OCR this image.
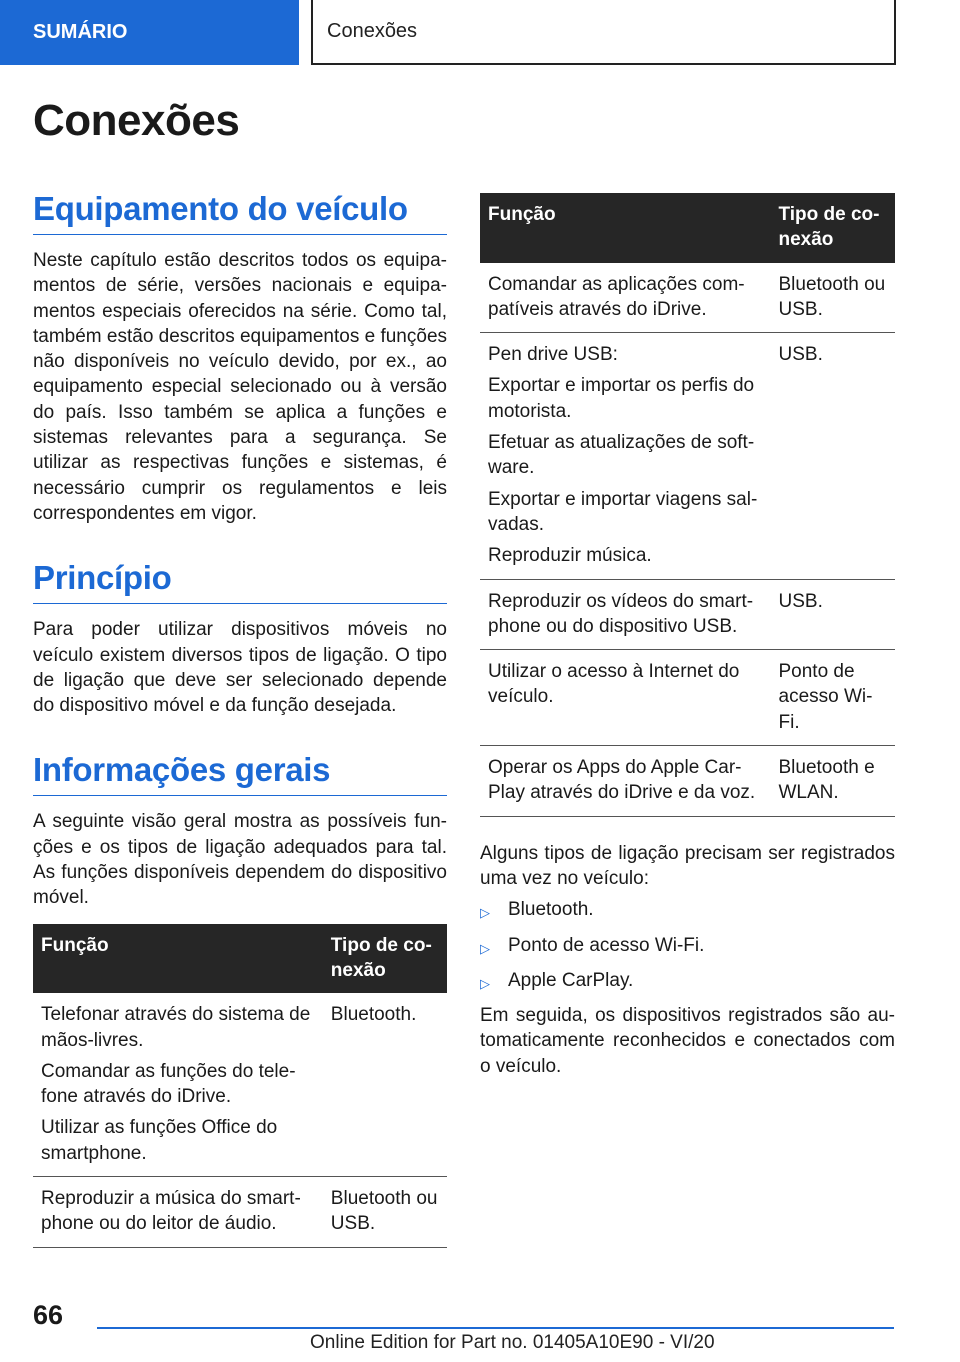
SUMÁRIO	Conexões
Conexões
Equipamento do veículo

Neste capítulo estão descritos todos os equipamentos de série, versões nacionais e equipamentos especiais oferecidos na série. Como tal, também estão descritos equipamentos e funções não disponíveis no veículo devido, por ex., ao equipamento especial selecionado ou à versão do país. Isso também se aplica a funções e sistemas relevantes para a segurança. Se utilizar as respectivas funções e sistemas, é necessário cumprir os regulamentos e leis correspondentes em vigor.

Princípio

Para poder utilizar dispositivos móveis no veículo existem diversos tipos de ligação. O tipo de ligação que deve ser selecionado depende do dispositivo móvel e da função desejada.

Informações gerais

A seguinte visão geral mostra as possíveis funções e os tipos de ligação adequados para tal. As funções disponíveis dependem do dispositivo móvel.

Função	Tipo de conexão

Telefonar através do sistema de mãos-livres.
Comandar as funções do telefone através do iDrive.
Utilizar as funções Office do smartphone.	Bluetooth.

Reproduzir a música do smartphone ou do leitor de áudio.	Bluetooth ou USB.
Função	Tipo de conexão

Comandar as aplicações compatíveis através do iDrive.	Bluetooth ou USB.

Pen drive USB:
Exportar e importar os perfis do motorista.
Efetuar as atualizações de software.
Exportar e importar viagens salvadas.
Reproduzir música.	USB.

Reproduzir os vídeos do smartphone ou do dispositivo USB.	USB.

Utilizar o acesso à Internet do veículo.	Ponto de acesso Wi-Fi.

Operar os Apps do Apple CarPlay através do iDrive e da voz.	Bluetooth e WLAN.

Alguns tipos de ligação precisam ser registrados uma vez no veículo:

▷ Bluetooth.
▷ Ponto de acesso Wi-Fi.
▷ Apple CarPlay.

Em seguida, os dispositivos registrados são automaticamente reconhecidos e conectados com o veículo.

66
Online Edition for Part no. 01405A10E90 - VI/20
